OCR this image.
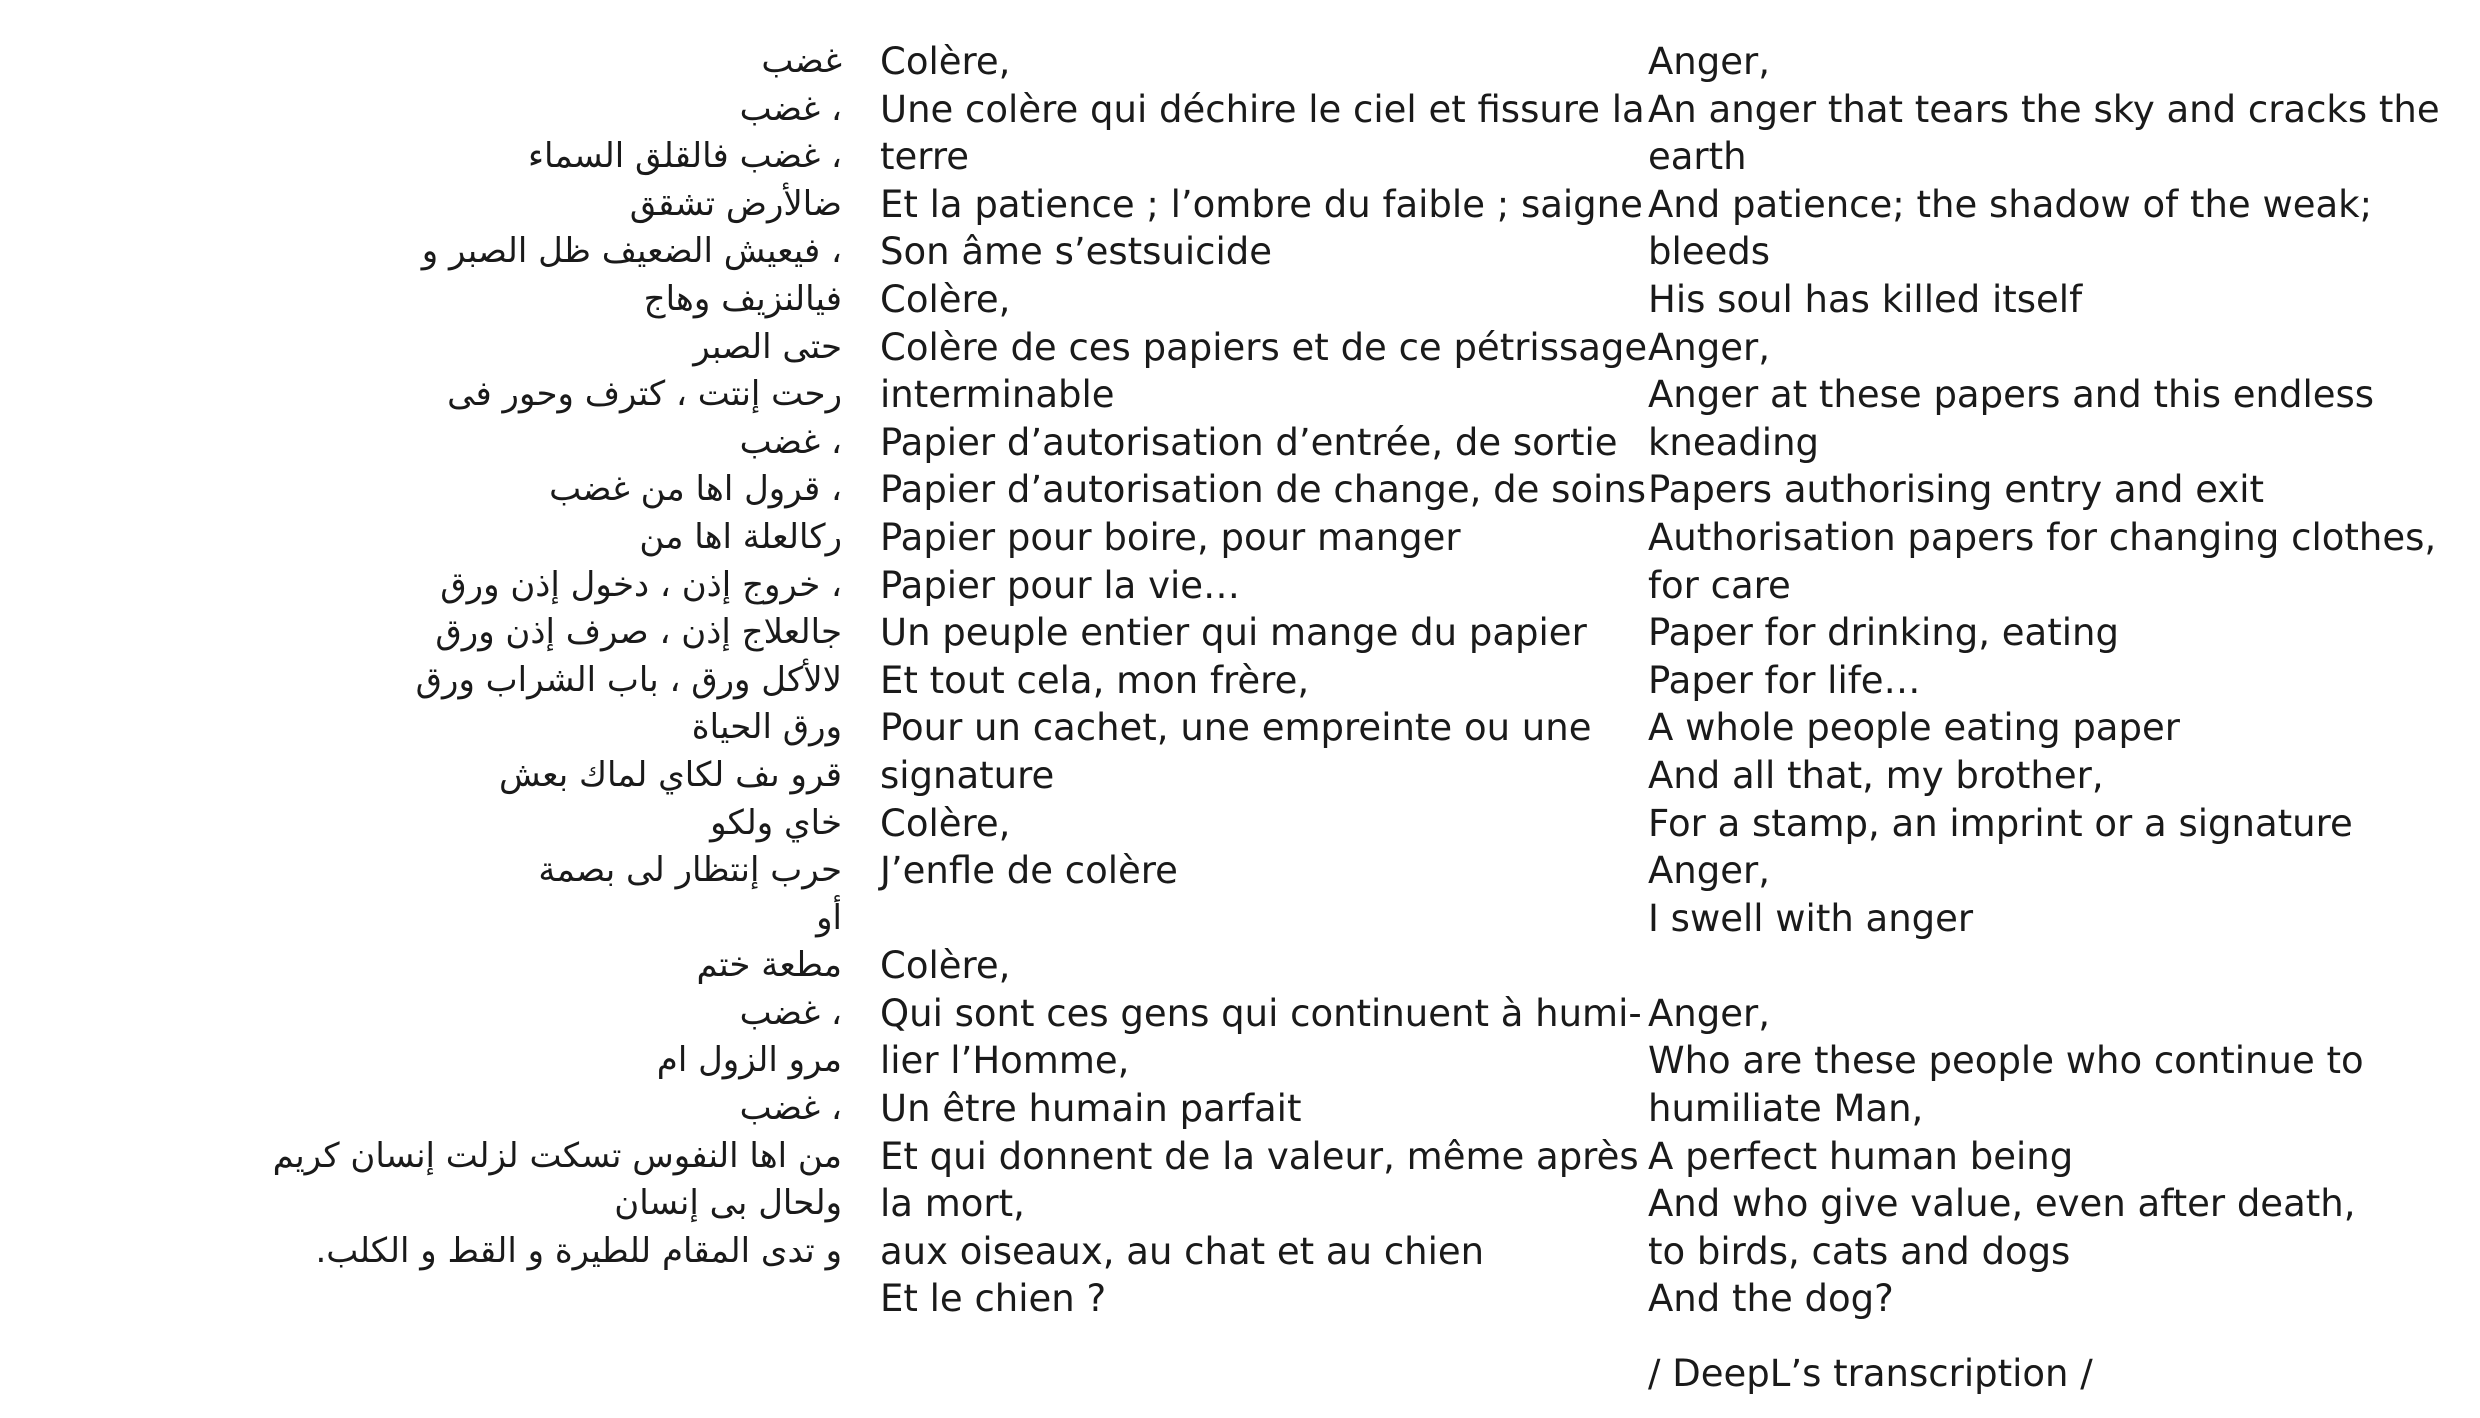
غضب
، غضب
، غضب فالقلق السماء
ضالأرض تشقق
، فيعيش الضعيف ظل الصبر و
فيالنزيف وهاج
حتى الصبر
رحت إنتت ، كترف وحور فى
، غضب
، قرول اها من غضب
ركالعلة اها من
، خروج إذن ، دخول إذن ورق
جالعلاج إذن ، صرف إذن ورق
لالأكل ورق ، باب الشراب ورق
ورق الحياة
قرو ىف لكاي لماك بعش
خاي ولكو
حرب إنتظار لى بصمة
أو
مطعة ختم
، غضب
مرو الزول ام
، غضب
من اها النفوس تسكت لزلت إنسان كريم
ولحال بى إنسان
و تدى المقام للطيرة و القط و الكلب.
Colère,
Une colère qui déchire le ciel et fissure la
terre
Et la patience ; l’ombre du faible ; saigne
Son âme s’estsuicide
Colère,
Colère de ces papiers et de ce pétrissage
interminable
Papier d’autorisation d’entrée, de sortie
Papier d’autorisation de change, de soins
Papier pour boire, pour manger
Papier pour la vie…
Un peuple entier qui mange du papier
Et tout cela, mon frère,
Pour un cachet, une empreinte ou une
signature
Colère,
J’enfle de colère
Colère,
Qui sont ces gens qui continuent à humi-
lier l’Homme,
Un être humain parfait
Et qui donnent de la valeur, même après
la mort,
aux oiseaux, au chat et au chien
Et le chien ?
Anger,
An anger that tears the sky and cracks the
earth
And patience; the shadow of the weak;
bleeds
His soul has killed itself
Anger,
Anger at these papers and this endless
kneading
Papers authorising entry and exit
Authorisation papers for changing clothes,
for care
Paper for drinking, eating
Paper for life…
A whole people eating paper
And all that, my brother,
For a stamp, an imprint or a signature
Anger,
I swell with anger
Anger,
Who are these people who continue to
humiliate Man,
A perfect human being
And who give value, even after death,
to birds, cats and dogs
And the dog?

/ DeepL’s transcription /
